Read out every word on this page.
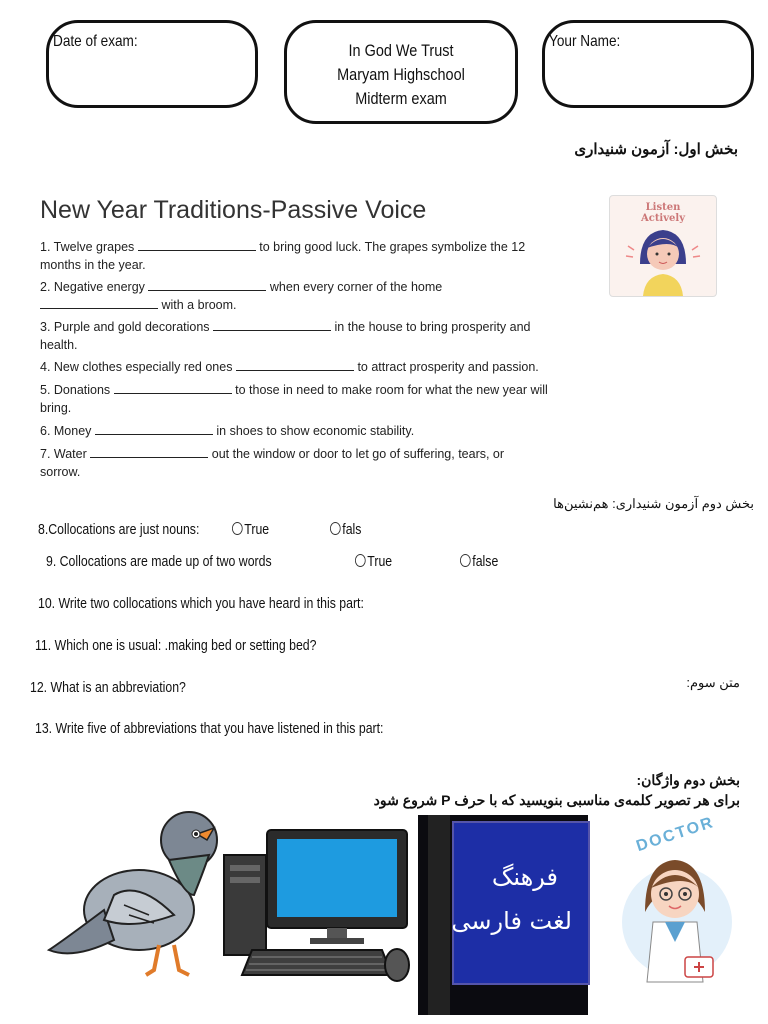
Date of exam:	In God We Trust
Maryam Highschool
Midterm exam
Your Name:
بخش اول: آزمون شنیداری
New Year Traditions-Passive Voice	Listen
Actively
1. Twelve grapes	to bring good luck. The grapes symbolize the 12
months in the year.
2. Negative energy	when every corner of the home
with a broom.
3. Purple and gold decorations	in the house to bring prosperity and
health.
4. New clothes especially red ones	to attract prosperity and passion.
5. Donations	to those in need to make room for what the new year will
bring.
6. Money	in shoes to show economic stability.
7. Water	out the window or door to let go of suffering, tears, or
sorrow.
بخش دوم آزمون شنیداری: هم‌نشین‌ها
8.Collocations are just nouns:	True	fals
9. Collocations are made up of two words	True	false
10. Write two collocations which you have heard in this part:
11. Which one is usual: .making bed or setting bed?
12. What is an abbreviation?	متن سوم:
13. Write five of abbreviations that you have listened in this part:
بخش دوم واژگان:
برای هر تصویر کلمه‌ی مناسبی بنویسید که با حرف P شروع شود
فرهنگ
لغت فارسی
DOCTOR
